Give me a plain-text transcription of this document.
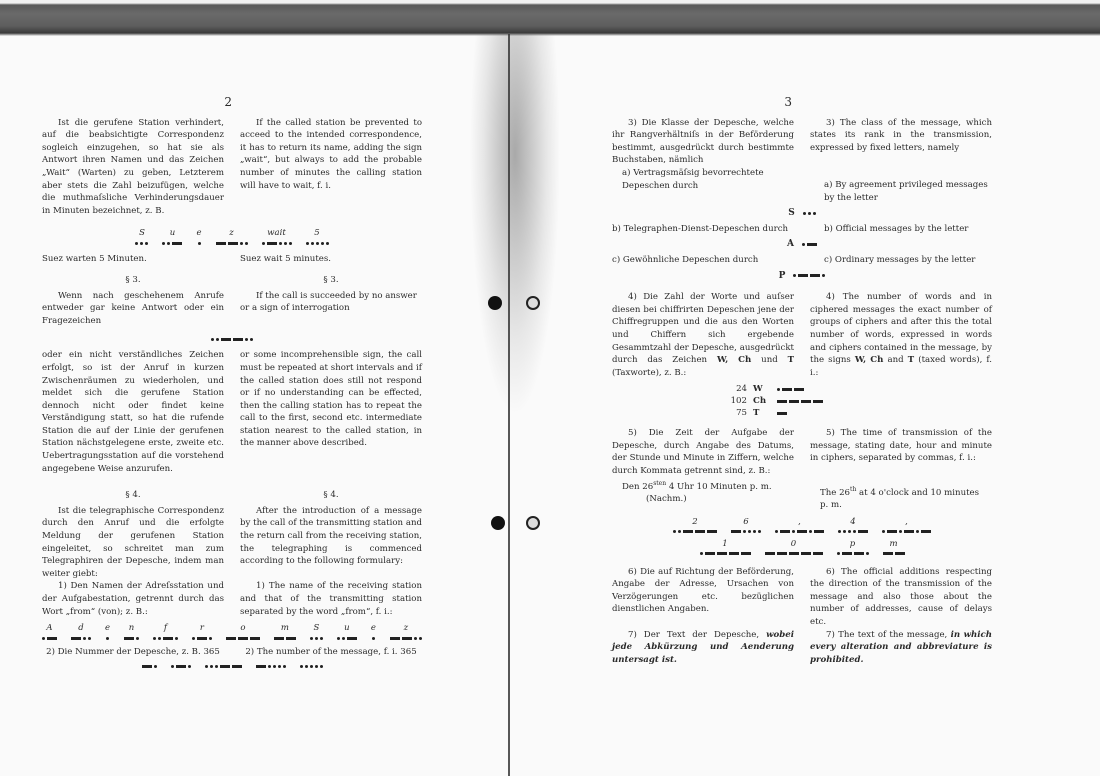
2
Ist die gerufene Station verhindert, auf die beabsichtigte Correspondenz sogleich einzugehen, so hat sie als Antwort ihren Namen und das Zeichen „Wait“ (Warten) zu geben, Letzterem aber stets die Zahl beizufügen, welche die muthmaſsliche Verhinderungsdauer in Minuten bezeichnet, z. B.
If the called station be prevented to acceed to the intended correspondence, it has to return its name, adding the sign „wait“, but always to add the probable number of minutes the calling station will have to wait, f. i.
S	u	e	z	wait	5
Suez warten 5 Minuten.	Suez wait 5 minutes.
§ 3.	§ 3.
Wenn nach geschehenem Anrufe entweder gar keine Antwort oder ein Fragezeichen
If the call is succeeded by no answer or a sign of interrogation
oder ein nicht verständliches Zeichen erfolgt, so ist der Anruf in kurzen Zwischenräumen zu wiederholen, und meldet sich die gerufene Station dennoch nicht oder findet keine Verständigung statt, so hat die rufende Station die auf der Linie der gerufenen Station nächstgelegene erste, zweite etc. Uebertragungsstation auf die vorstehend angegebene Weise anzurufen.
or some incomprehensible sign, the call must be repeated at short intervals and if the called station does still not respond or if no understanding can be effected, then the calling station has to repeat the call to the first, second etc. intermediate station nearest to the called station, in the manner above described.
§ 4.	§ 4.
Ist die telegraphische Correspondenz durch den Anruf und die erfolgte Meldung der gerufenen Station eingeleitet, so schreitet man zum Telegraphiren der Depesche, indem man weiter giebt:
After the introduction of a message by the call of the transmitting station and the return call from the receiving station, the telegraphing is commenced according to the following formulary:
1) Den Namen der Adreſsstation und der Aufgabestation, getrennt durch das Wort „from“ (von); z. B.:
1) The name of the receiving station and that of the transmitting station separated by the word „from“, f. i.:
A	d	e n	f	r	o	m	S	u	e	z
2) Die Nummer der Depesche, z. B. 365	2) The number of the message, f. i. 365
3
3) Die Klasse der Depesche, welche ihr Rangverhältniſs in der Beförderung bestimmt, ausgedrückt durch bestimmte Buchstaben, nämlich
3) The class of the message, which states its rank in the transmission, expressed by fixed letters, namely
a) Vertragsmäſsig bevorrechtete Depeschen durch	a) By agreement privileged messages by the letter
S
b) Telegraphen-Dienst-Depeschen durch	b) Official messages by the letter
A
c) Gewöhnliche Depeschen durch	c) Ordinary messages by the letter
P
4) Die Zahl der Worte und auſser diesen bei chiffrirten Depeschen jene der Chiffregruppen und die aus den Worten und Chiffern sich ergebende Gesammtzahl der Depesche, ausgedrückt durch das Zeichen W, Ch und T (Taxworte), z. B.:
4) The number of words and in ciphered messages the exact number of groups of ciphers and after this the total number of words, expressed in words and ciphers contained in the message, by the signs W, Ch and T (taxed words), f. i.:
24 W
102 Ch
75 T
5) Die Zeit der Aufgabe der Depesche, durch Angabe des Datums, der Stunde und Minute in Ziffern, welche durch Kommata getrennt sind, z. B.:
5) The time of transmission of the message, stating date, hour and minute in ciphers, separated by commas, f. i.:
Den $26^{sten}$ 4 Uhr 10 Minuten p. m.
(Nachm.)
The 26th at 4 o'clock and 10 minutes
p. m.
2	6	,	4	,
1	0	p	m
6) Die auf Richtung der Beförderung, Angabe der Adresse, Ursachen von Verzögerungen etc. bezüglichen dienstlichen Angaben.
6) The official additions respecting the direction of the transmission of the message and also those about the number of addresses, cause of delays etc.
7) Der Text der Depesche, wobei jede Abkürzung und Aenderung untersagt ist.
7) The text of the message, in which every alteration and abbreviature is prohibited.
